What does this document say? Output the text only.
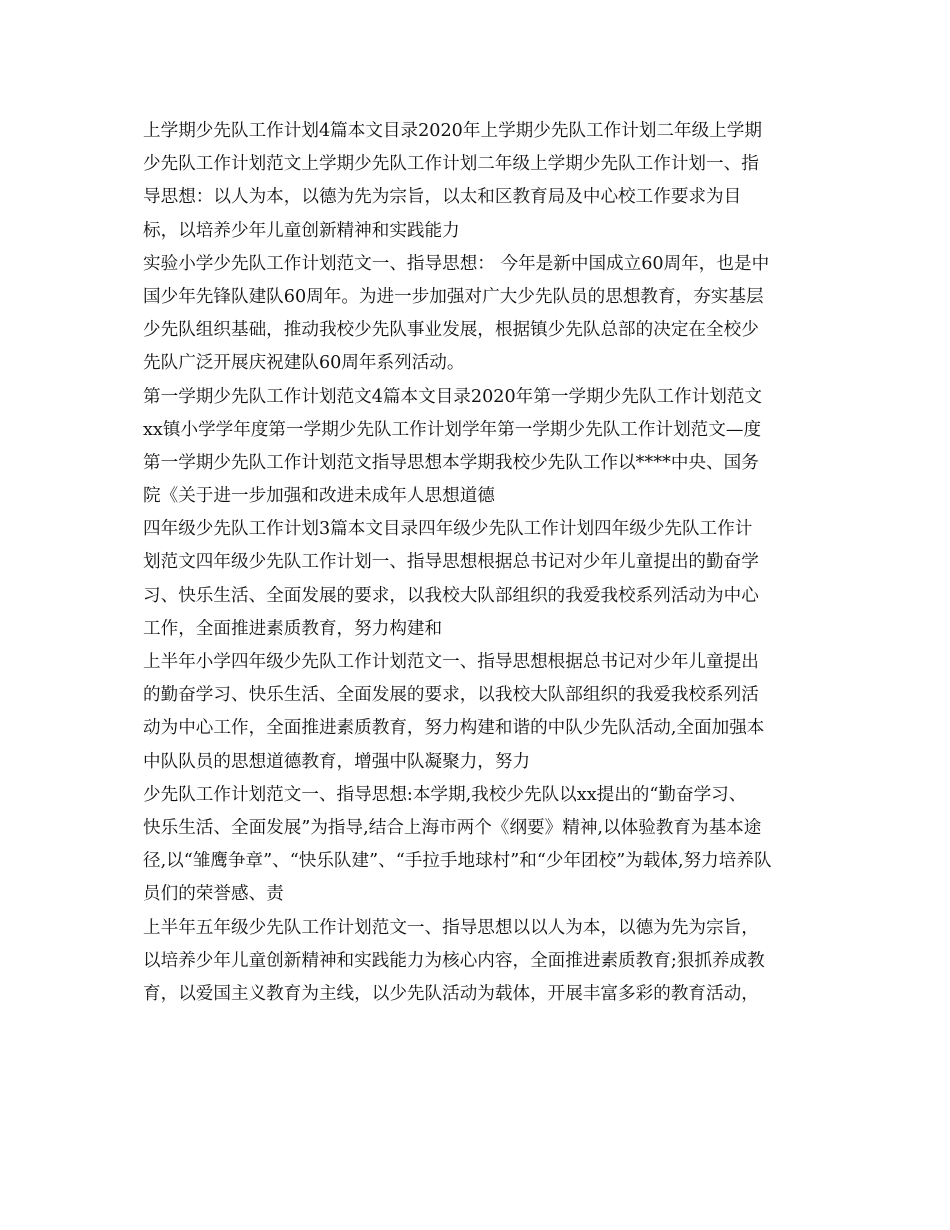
上学期少先队工作计划4篇本文目录2020年上学期少先队工作计划二年级上学期
少先队工作计划范文上学期少先队工作计划二年级上学期少先队工作计划一、指
导思想：以人为本，以德为先为宗旨，以太和区教育局及中心校工作要求为目
标，以培养少年儿童创新精神和实践能力
实验小学少先队工作计划范文一、指导思想： 今年是新中国成立60周年，也是中
国少年先锋队建队60周年。为进一步加强对广大少先队员的思想教育，夯实基层
少先队组织基础，推动我校少先队事业发展，根据镇少先队总部的决定在全校少
先队广泛开展庆祝建队60周年系列活动。
第一学期少先队工作计划范文4篇本文目录2020年第一学期少先队工作计划范文
xx镇小学学年度第一学期少先队工作计划学年第一学期少先队工作计划范文—度
第一学期少先队工作计划范文指导思想本学期我校少先队工作以****中央、国务
院《关于进一步加强和改进未成年人思想道德
四年级少先队工作计划3篇本文目录四年级少先队工作计划四年级少先队工作计
划范文四年级少先队工作计划一、指导思想根据总书记对少年儿童提出的勤奋学
习、快乐生活、全面发展的要求，以我校大队部组织的我爱我校系列活动为中心
工作，全面推进素质教育，努力构建和
上半年小学四年级少先队工作计划范文一、指导思想根据总书记对少年儿童提出
的勤奋学习、快乐生活、全面发展的要求，以我校大队部组织的我爱我校系列活
动为中心工作，全面推进素质教育，努力构建和谐的中队少先队活动,全面加强本
中队队员的思想道德教育，增强中队凝聚力，努力
少先队工作计划范文一、指导思想:本学期,我校少先队以xx提出的“勤奋学习、
快乐生活、全面发展”为指导,结合上海市两个《纲要》精神,以体验教育为基本途
径,以“雏鹰争章”、“快乐队建”、“手拉手地球村”和“少年团校”为载体,努力培养队
员们的荣誉感、责
上半年五年级少先队工作计划范文一、指导思想以以人为本，以德为先为宗旨，
以培养少年儿童创新精神和实践能力为核心内容，全面推进素质教育;狠抓养成教
育，以爱国主义教育为主线，以少先队活动为载体，开展丰富多彩的教育活动，
